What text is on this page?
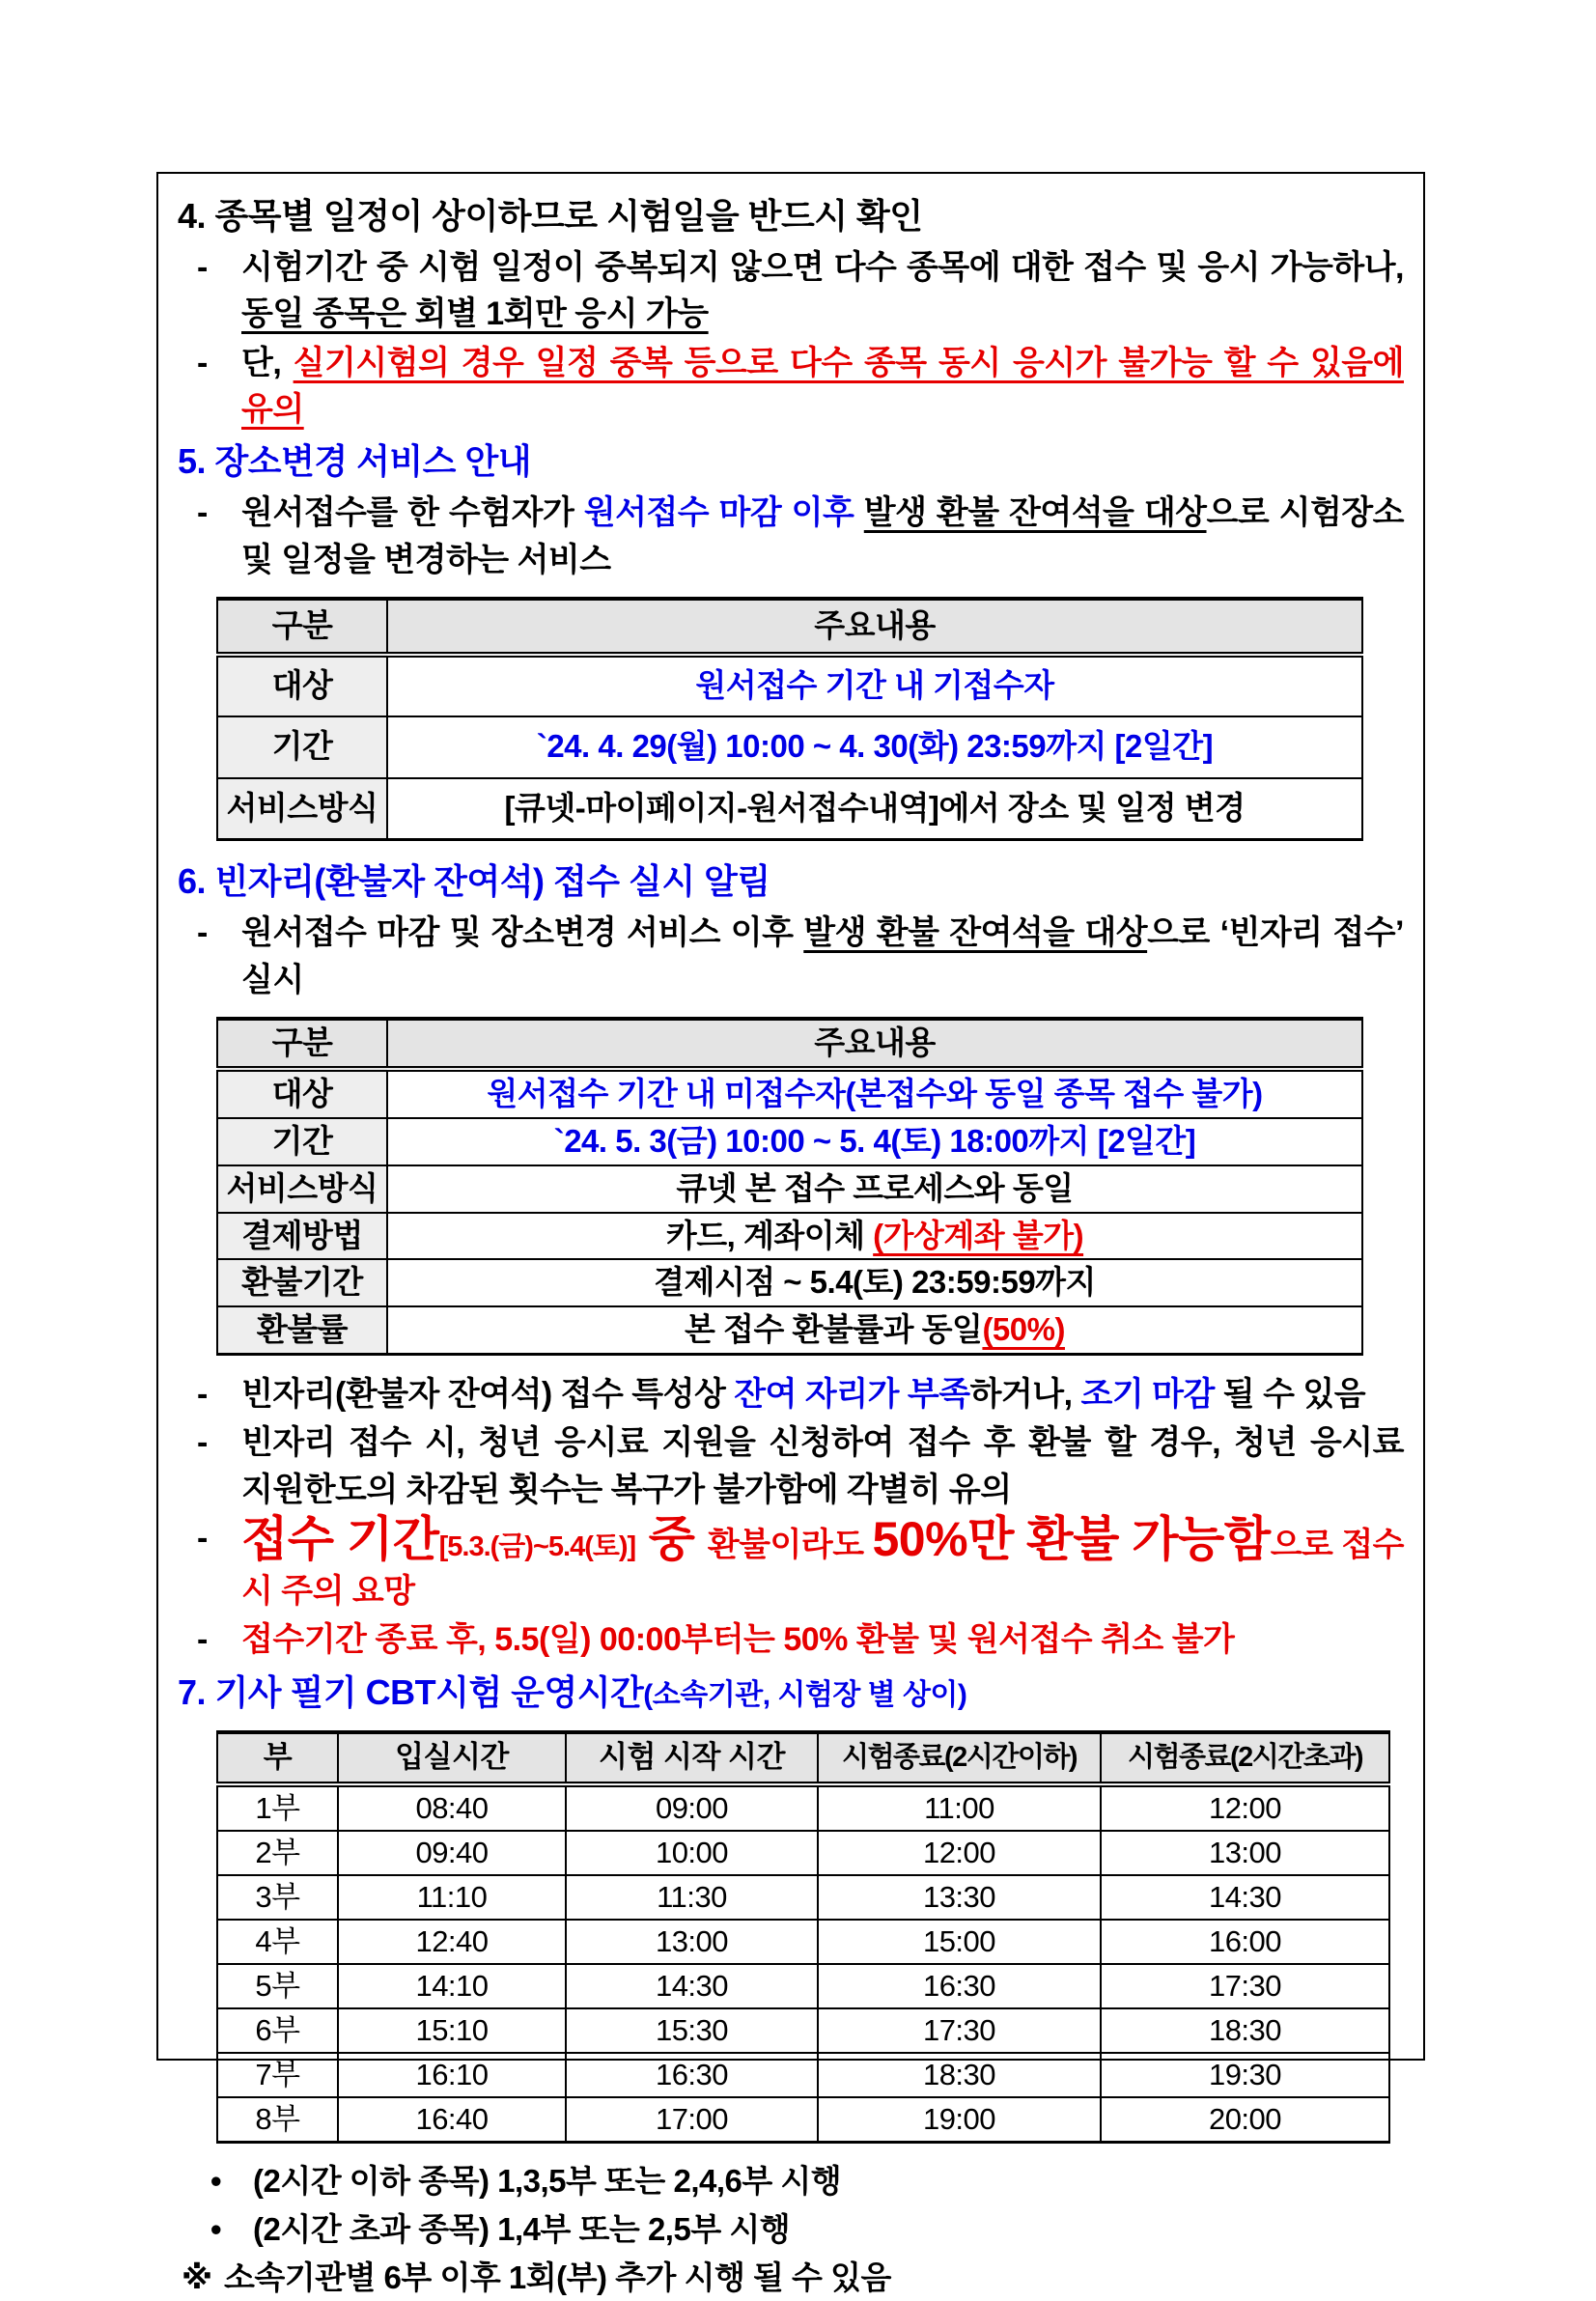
4. 종목별 일정이 상이하므로 시험일을 반드시 확인
-	시험기간 중 시험 일정이 중복되지 않으면 다수 종목에 대한 접수 및 응시 가능하나, 동일 종목은 회별 1회만 응시 가능
-	단, 실기시험의 경우 일정 중복 등으로 다수 종목 동시 응시가 불가능 할 수 있음에 유의
5. 장소변경 서비스 안내
-	원서접수를 한 수험자가 원서접수 마감 이후 발생 환불 잔여석을 대상으로 시험장소 및 일정을 변경하는 서비스
구분	주요내용
대상	원서접수 기간 내 기접수자
기간	`24. 4. 29(월) 10:00 ~ 4. 30(화) 23:59까지 [2일간]
서비스방식	[큐넷-마이페이지-원서접수내역]에서 장소 및 일정 변경
6. 빈자리(환불자 잔여석) 접수 실시 알림
-	원서접수 마감 및 장소변경 서비스 이후 발생 환불 잔여석을 대상으로 ‘빈자리 접수’ 실시
구분	주요내용
대상	원서접수 기간 내 미접수자(본접수와 동일 종목 접수 불가)
기간	`24. 5. 3(금) 10:00 ~ 5. 4(토) 18:00까지 [2일간]
서비스방식	큐넷 본 접수 프로세스와 동일
결제방법	카드, 계좌이체 (가상계좌 불가)
환불기간	결제시점 ~ 5.4(토) 23:59:59까지
환불률	본 접수 환불률과 동일(50%)
-	빈자리(환불자 잔여석) 접수 특성상 잔여 자리가 부족하거나, 조기 마감 될 수 있음
-	빈자리 접수 시, 청년 응시료 지원을 신청하여 접수 후 환불 할 경우, 청년 응시료 지원한도의 차감된 횟수는 복구가 불가함에 각별히 유의
- 접수 기간[5.3.(금)~5.4(토)] 중 환불이라도 50%만 환불 가능함으로 접수 시 주의 요망
-	접수기간 종료 후, 5.5(일) 00:00부터는 50% 환불 및 원서접수 취소 불가
7. 기사 필기 CBT시험 운영시간(소속기관, 시험장 별 상이)
부	입실시간	시험 시작 시간	시험종료(2시간이하)	시험종료(2시간초과)
1부	08:40	09:00	11:00	12:00
2부	09:40	10:00	12:00	13:00
3부	11:10	11:30	13:30	14:30
4부	12:40	13:00	15:00	16:00
5부	14:10	14:30	16:30	17:30
6부	15:10	15:30	17:30	18:30
7부	16:10	16:30	18:30	19:30
8부	16:40	17:00	19:00	20:00
• (2시간 이하 종목) 1,3,5부 또는 2,4,6부 시행
• (2시간 초과 종목) 1,4부 또는 2,5부 시행
※ 소속기관별 6부 이후 1회(부) 추가 시행 될 수 있음
